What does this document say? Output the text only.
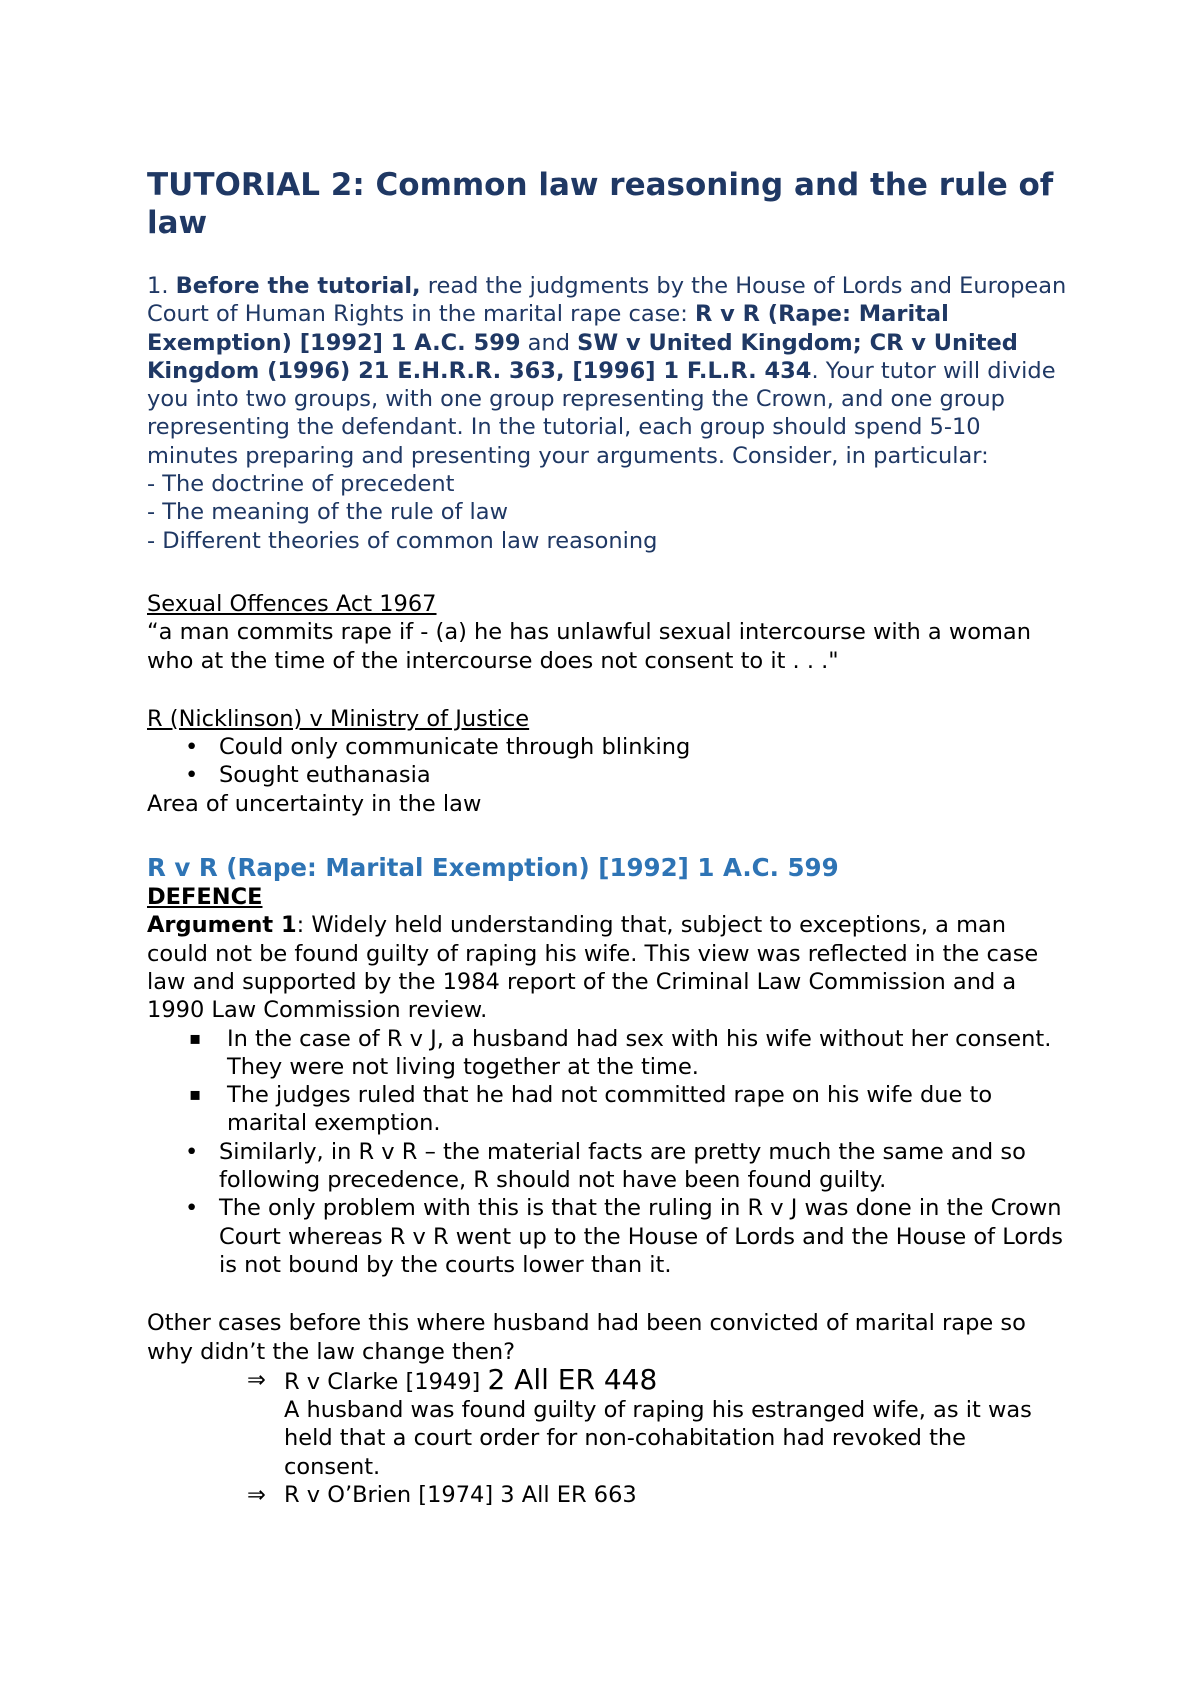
TUTORIAL 2: Common law reasoning and the rule of law
1. Before the tutorial, read the judgments by the House of Lords and European Court of Human Rights in the marital rape case: R v R (Rape: Marital Exemption) [1992] 1 A.C. 599 and SW v United Kingdom; CR v United Kingdom (1996) 21 E.H.R.R. 363, [1996] 1 F.L.R. 434. Your tutor will divide you into two groups, with one group representing the Crown, and one group representing the defendant. In the tutorial, each group should spend 5-10 minutes preparing and presenting your arguments. Consider, in particular:
- The doctrine of precedent
- The meaning of the rule of law
- Different theories of common law reasoning
Sexual Offences Act 1967
“a man commits rape if - (a) he has unlawful sexual intercourse with a woman who at the time of the intercourse does not consent to it . . ."
R (Nicklinson) v Ministry of Justice
• Could only communicate through blinking
• Sought euthanasia
Area of uncertainty in the law
R v R (Rape: Marital Exemption) [1992] 1 A.C. 599
DEFENCE
Argument 1: Widely held understanding that, subject to exceptions, a man could not be found guilty of raping his wife. This view was reflected in the case law and supported by the 1984 report of the Criminal Law Commission and a 1990 Law Commission review.
▪ In the case of R v J, a husband had sex with his wife without her consent. They were not living together at the time.
▪ The judges ruled that he had not committed rape on his wife due to marital exemption.
• Similarly, in R v R – the material facts are pretty much the same and so following precedence, R should not have been found guilty.
• The only problem with this is that the ruling in R v J was done in the Crown Court whereas R v R went up to the House of Lords and the House of Lords is not bound by the courts lower than it.
Other cases before this where husband had been convicted of marital rape so why didn’t the law change then?
⇒ R v Clarke [1949] 2 All ER 448
A husband was found guilty of raping his estranged wife, as it was held that a court order for non-cohabitation had revoked the consent.
⇒ R v O’Brien [1974] 3 All ER 663
